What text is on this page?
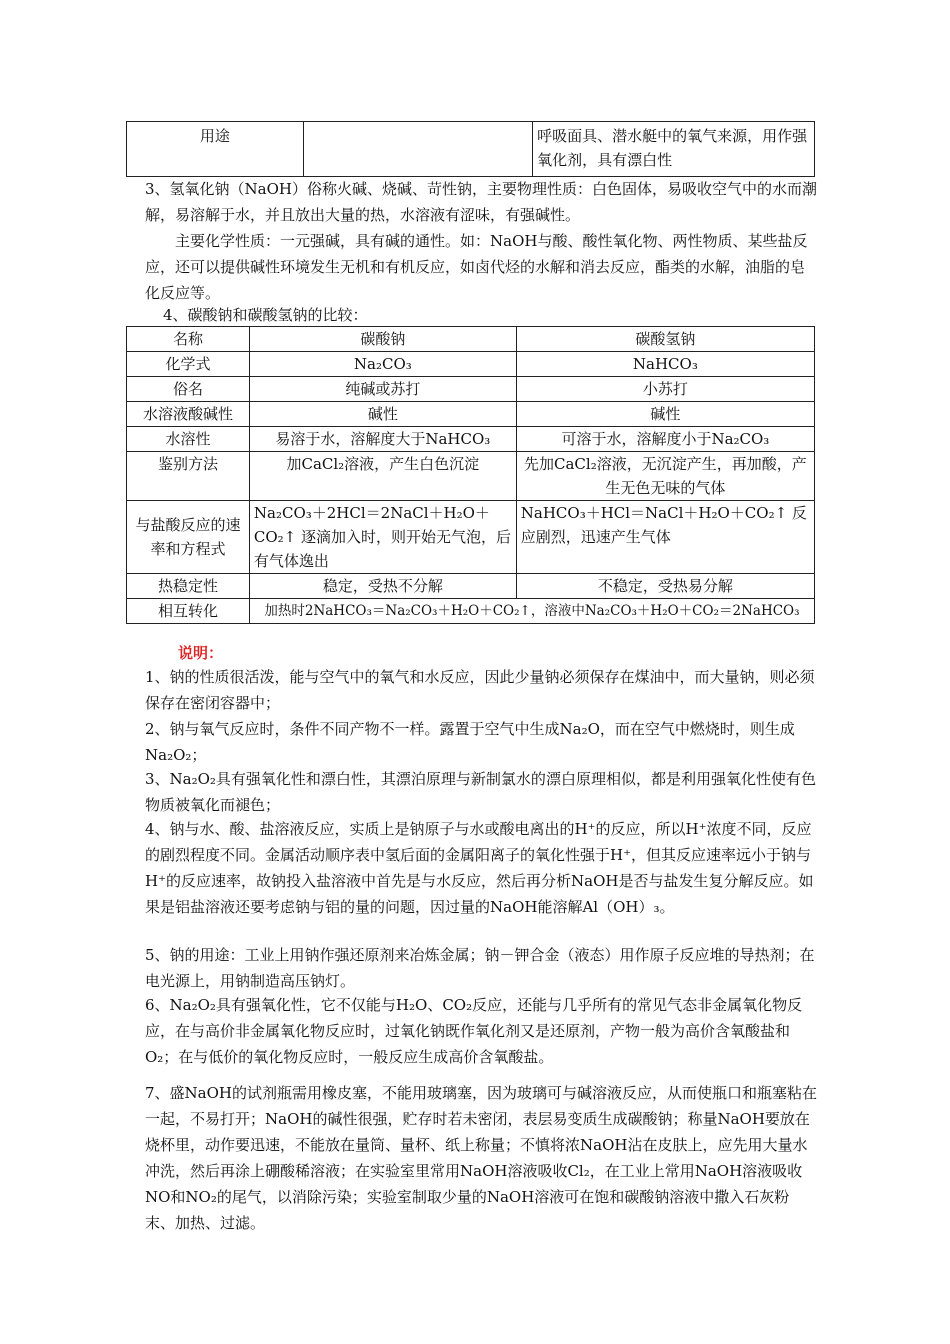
用途		呼吸面具、潜水艇中的氧气来源，用作强氧化剂，具有漂白性
3、氢氧化钠（NaOH）俗称火碱、烧碱、苛性钠，主要物理性质：白色固体，易吸收空气中的水而潮解，易溶解于水，并且放出大量的热，水溶液有涩味，有强碱性。
主要化学性质：一元强碱，具有碱的通性。如：NaOH与酸、酸性氧化物、两性物质、某些盐反应，还可以提供碱性环境发生无机和有机反应，如卤代烃的水解和消去反应，酯类的水解，油脂的皂化反应等。
4、碳酸钠和碳酸氢钠的比较：
名称	碳酸钠	碳酸氢钠
化学式	Na₂CO₃	NaHCO₃
俗名	纯碱或苏打	小苏打
水溶液酸碱性	碱性	碱性
水溶性	易溶于水，溶解度大于NaHCO₃	可溶于水，溶解度小于Na₂CO₃
鉴别方法	加CaCl₂溶液，产生白色沉淀	先加CaCl₂溶液，无沉淀产生，再加酸，产生无色无味的气体
与盐酸反应的速率和方程式	Na₂CO₃＋2HCl＝2NaCl＋H₂O＋CO₂↑ 逐滴加入时，则开始无气泡，后有气体逸出	NaHCO₃＋HCl＝NaCl＋H₂O＋CO₂↑ 反应剧烈，迅速产生气体
热稳定性	稳定，受热不分解	不稳定，受热易分解
相互转化	加热时2NaHCO₃＝Na₂CO₃＋H₂O＋CO₂↑，溶液中Na₂CO₃＋H₂O＋CO₂＝2NaHCO₃	
说明：
1、钠的性质很活泼，能与空气中的氧气和水反应，因此少量钠必须保存在煤油中，而大量钠，则必须保存在密闭容器中；
2、钠与氧气反应时，条件不同产物不一样。露置于空气中生成Na₂O，而在空气中燃烧时，则生成Na₂O₂；
3、Na₂O₂具有强氧化性和漂白性，其漂泊原理与新制氯水的漂白原理相似，都是利用强氧化性使有色物质被氧化而褪色；
4、钠与水、酸、盐溶液反应，实质上是钠原子与水或酸电离出的H⁺的反应，所以H⁺浓度不同，反应的剧烈程度不同。金属活动顺序表中氢后面的金属阳离子的氧化性强于H⁺，但其反应速率远小于钠与H⁺的反应速率，故钠投入盐溶液中首先是与水反应，然后再分析NaOH是否与盐发生复分解反应。如果是铝盐溶液还要考虑钠与铝的量的问题，因过量的NaOH能溶解Al（OH）₃。
5、钠的用途：工业上用钠作强还原剂来冶炼金属；钠－钾合金（液态）用作原子反应堆的导热剂；在电光源上，用钠制造高压钠灯。
6、Na₂O₂具有强氧化性，它不仅能与H₂O、CO₂反应，还能与几乎所有的常见气态非金属氧化物反应，在与高价非金属氧化物反应时，过氧化钠既作氧化剂又是还原剂，产物一般为高价含氧酸盐和O₂；在与低价的氧化物反应时，一般反应生成高价含氧酸盐。
7、盛NaOH的试剂瓶需用橡皮塞，不能用玻璃塞，因为玻璃可与碱溶液反应，从而使瓶口和瓶塞粘在一起，不易打开；NaOH的碱性很强，贮存时若未密闭，表层易变质生成碳酸钠；称量NaOH要放在烧杯里，动作要迅速，不能放在量筒、量杯、纸上称量；不慎将浓NaOH沾在皮肤上，应先用大量水冲洗，然后再涂上硼酸稀溶液；在实验室里常用NaOH溶液吸收Cl₂，在工业上常用NaOH溶液吸收NO和NO₂的尾气，以消除污染；实验室制取少量的NaOH溶液可在饱和碳酸钠溶液中撒入石灰粉末、加热、过滤。
